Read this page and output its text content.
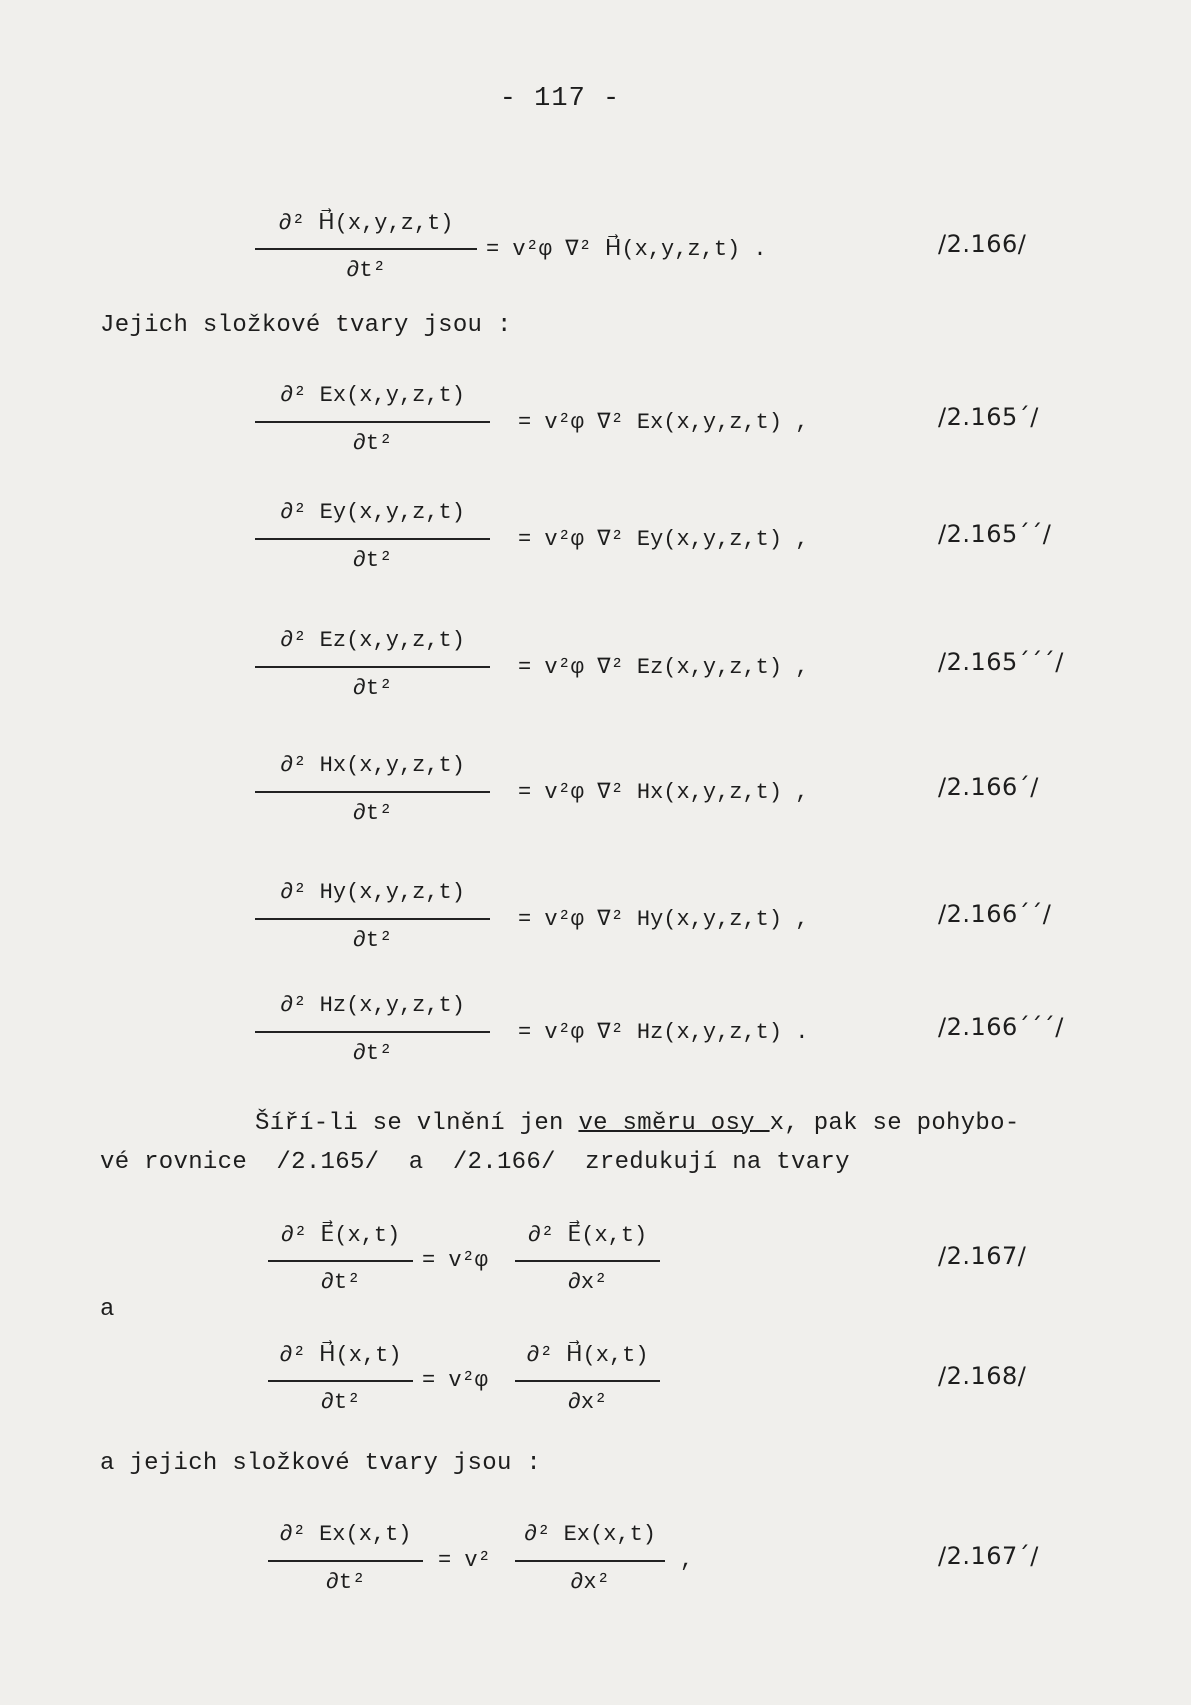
- 117 -
∂² H⃗(x,y,z,t)
∂t²
= v²φ ∇² H⃗(x,y,z,t) .	/2.166/
Jejich složkové tvary jsou :
∂² Ex(x,y,z,t)
∂t²
= v²φ ∇² Ex(x,y,z,t) ,	/2.165´/
∂² Ey(x,y,z,t)
∂t²
= v²φ ∇² Ey(x,y,z,t) ,	/2.165´´/
∂² Ez(x,y,z,t)
∂t²
= v²φ ∇² Ez(x,y,z,t) ,	/2.165´´´/
∂² Hx(x,y,z,t)
∂t²
= v²φ ∇² Hx(x,y,z,t) ,	/2.166´/
∂² Hy(x,y,z,t)
∂t²
= v²φ ∇² Hy(x,y,z,t) ,	/2.166´´/
∂² Hz(x,y,z,t)
∂t²
= v²φ ∇² Hz(x,y,z,t) .	/2.166´´´/
Šíří-li se vlnění jen ve směru osy x, pak se pohybo-
vé rovnice  /2.165/  a  /2.166/  zredukují na tvary
∂² E⃗(x,t)
∂t²
= v²φ
∂² E⃗(x,t)
∂x²
/2.167/
a
∂² H⃗(x,t)
∂t²
= v²φ
∂² H⃗(x,t)
∂x²
/2.168/
a jejich složkové tvary jsou :
∂² Ex(x,t)
∂t²
= v²
∂² Ex(x,t)
∂x²
,	/2.167´/
